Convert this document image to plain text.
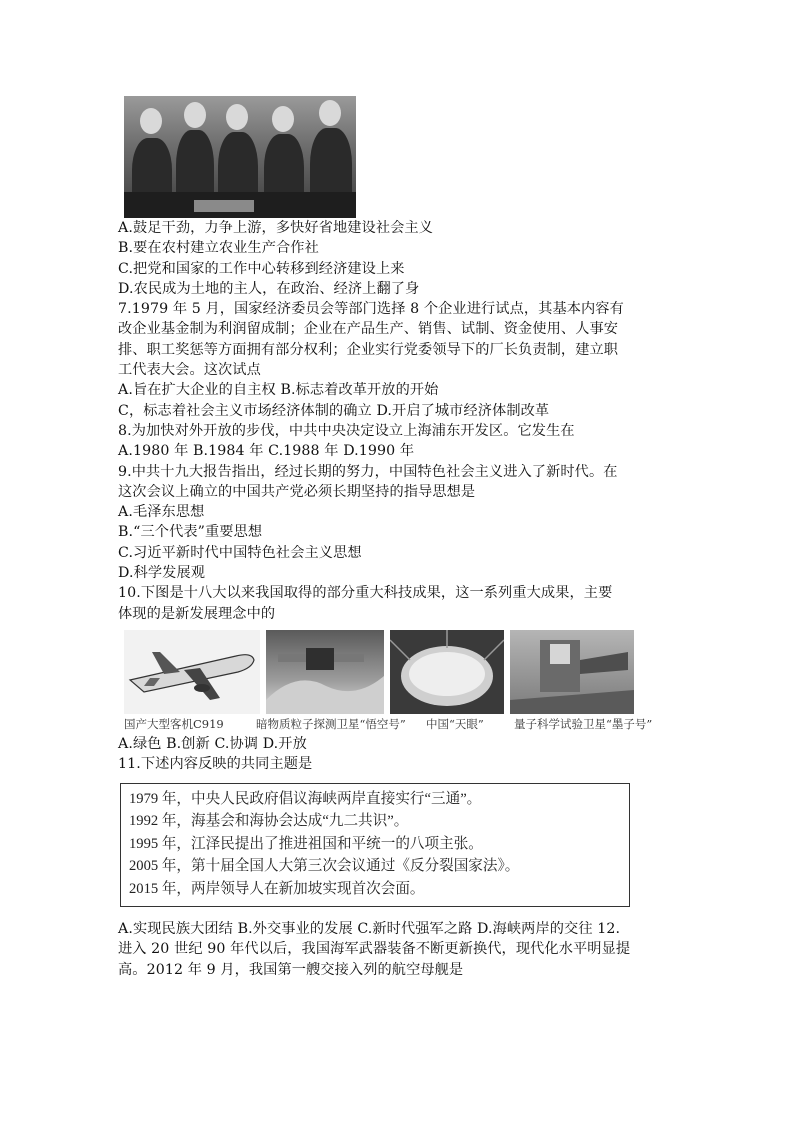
A.鼓足干劲，力争上游，多快好省地建设社会主义
B.要在农村建立农业生产合作社
C.把党和国家的工作中心转移到经济建设上来
D.农民成为土地的主人，在政治、经济上翻了身
7.1979 年 5 月，国家经济委员会等部门选择 8 个企业进行试点，其基本内容有
改企业基金制为利润留成制；企业在产品生产、销售、试制、资金使用、人事安
排、职工奖惩等方面拥有部分权利；企业实行党委领导下的厂长负责制，建立职
工代表大会。这次试点
A.旨在扩大企业的自主权 B.标志着改革开放的开始
C，标志着社会主义市场经济体制的确立 D.开启了城市经济体制改革
8.为加快对外开放的步伐，中共中央决定设立上海浦东开发区。它发生在
A.1980 年 B.1984 年 C.1988 年 D.1990 年
9.中共十九大报告指出，经过长期的努力，中国特色社会主义进入了新时代。在
这次会议上确立的中国共产党必须长期坚持的指导思想是
A.毛泽东思想
B.“三个代表”重要思想
C.习近平新时代中国特色社会主义思想
D.科学发展观
10.下图是十八大以来我国取得的部分重大科技成果，这一系列重大成果，主要
体现的是新发展理念中的
国产大型客机C919	暗物质粒子探测卫星“悟空号” 中国“天眼”	量子科学试验卫星“墨子号”
A.绿色 B.创新 C.协调 D.开放
11.下述内容反映的共同主题是
1979 年，中央人民政府倡议海峡两岸直接实行“三通”。
1992 年，海基会和海协会达成“九二共识”。
1995 年，江泽民提出了推进祖国和平统一的八项主张。
2005 年，第十届全国人大第三次会议通过《反分裂国家法》。
2015 年，两岸领导人在新加坡实现首次会面。
A.实现民族大团结 B.外交事业的发展 C.新时代强军之路 D.海峡两岸的交往 12.
进入 20 世纪 90 年代以后，我国海军武器装备不断更新换代，现代化水平明显提
高。2012 年 9 月，我国第一艘交接入列的航空母舰是
